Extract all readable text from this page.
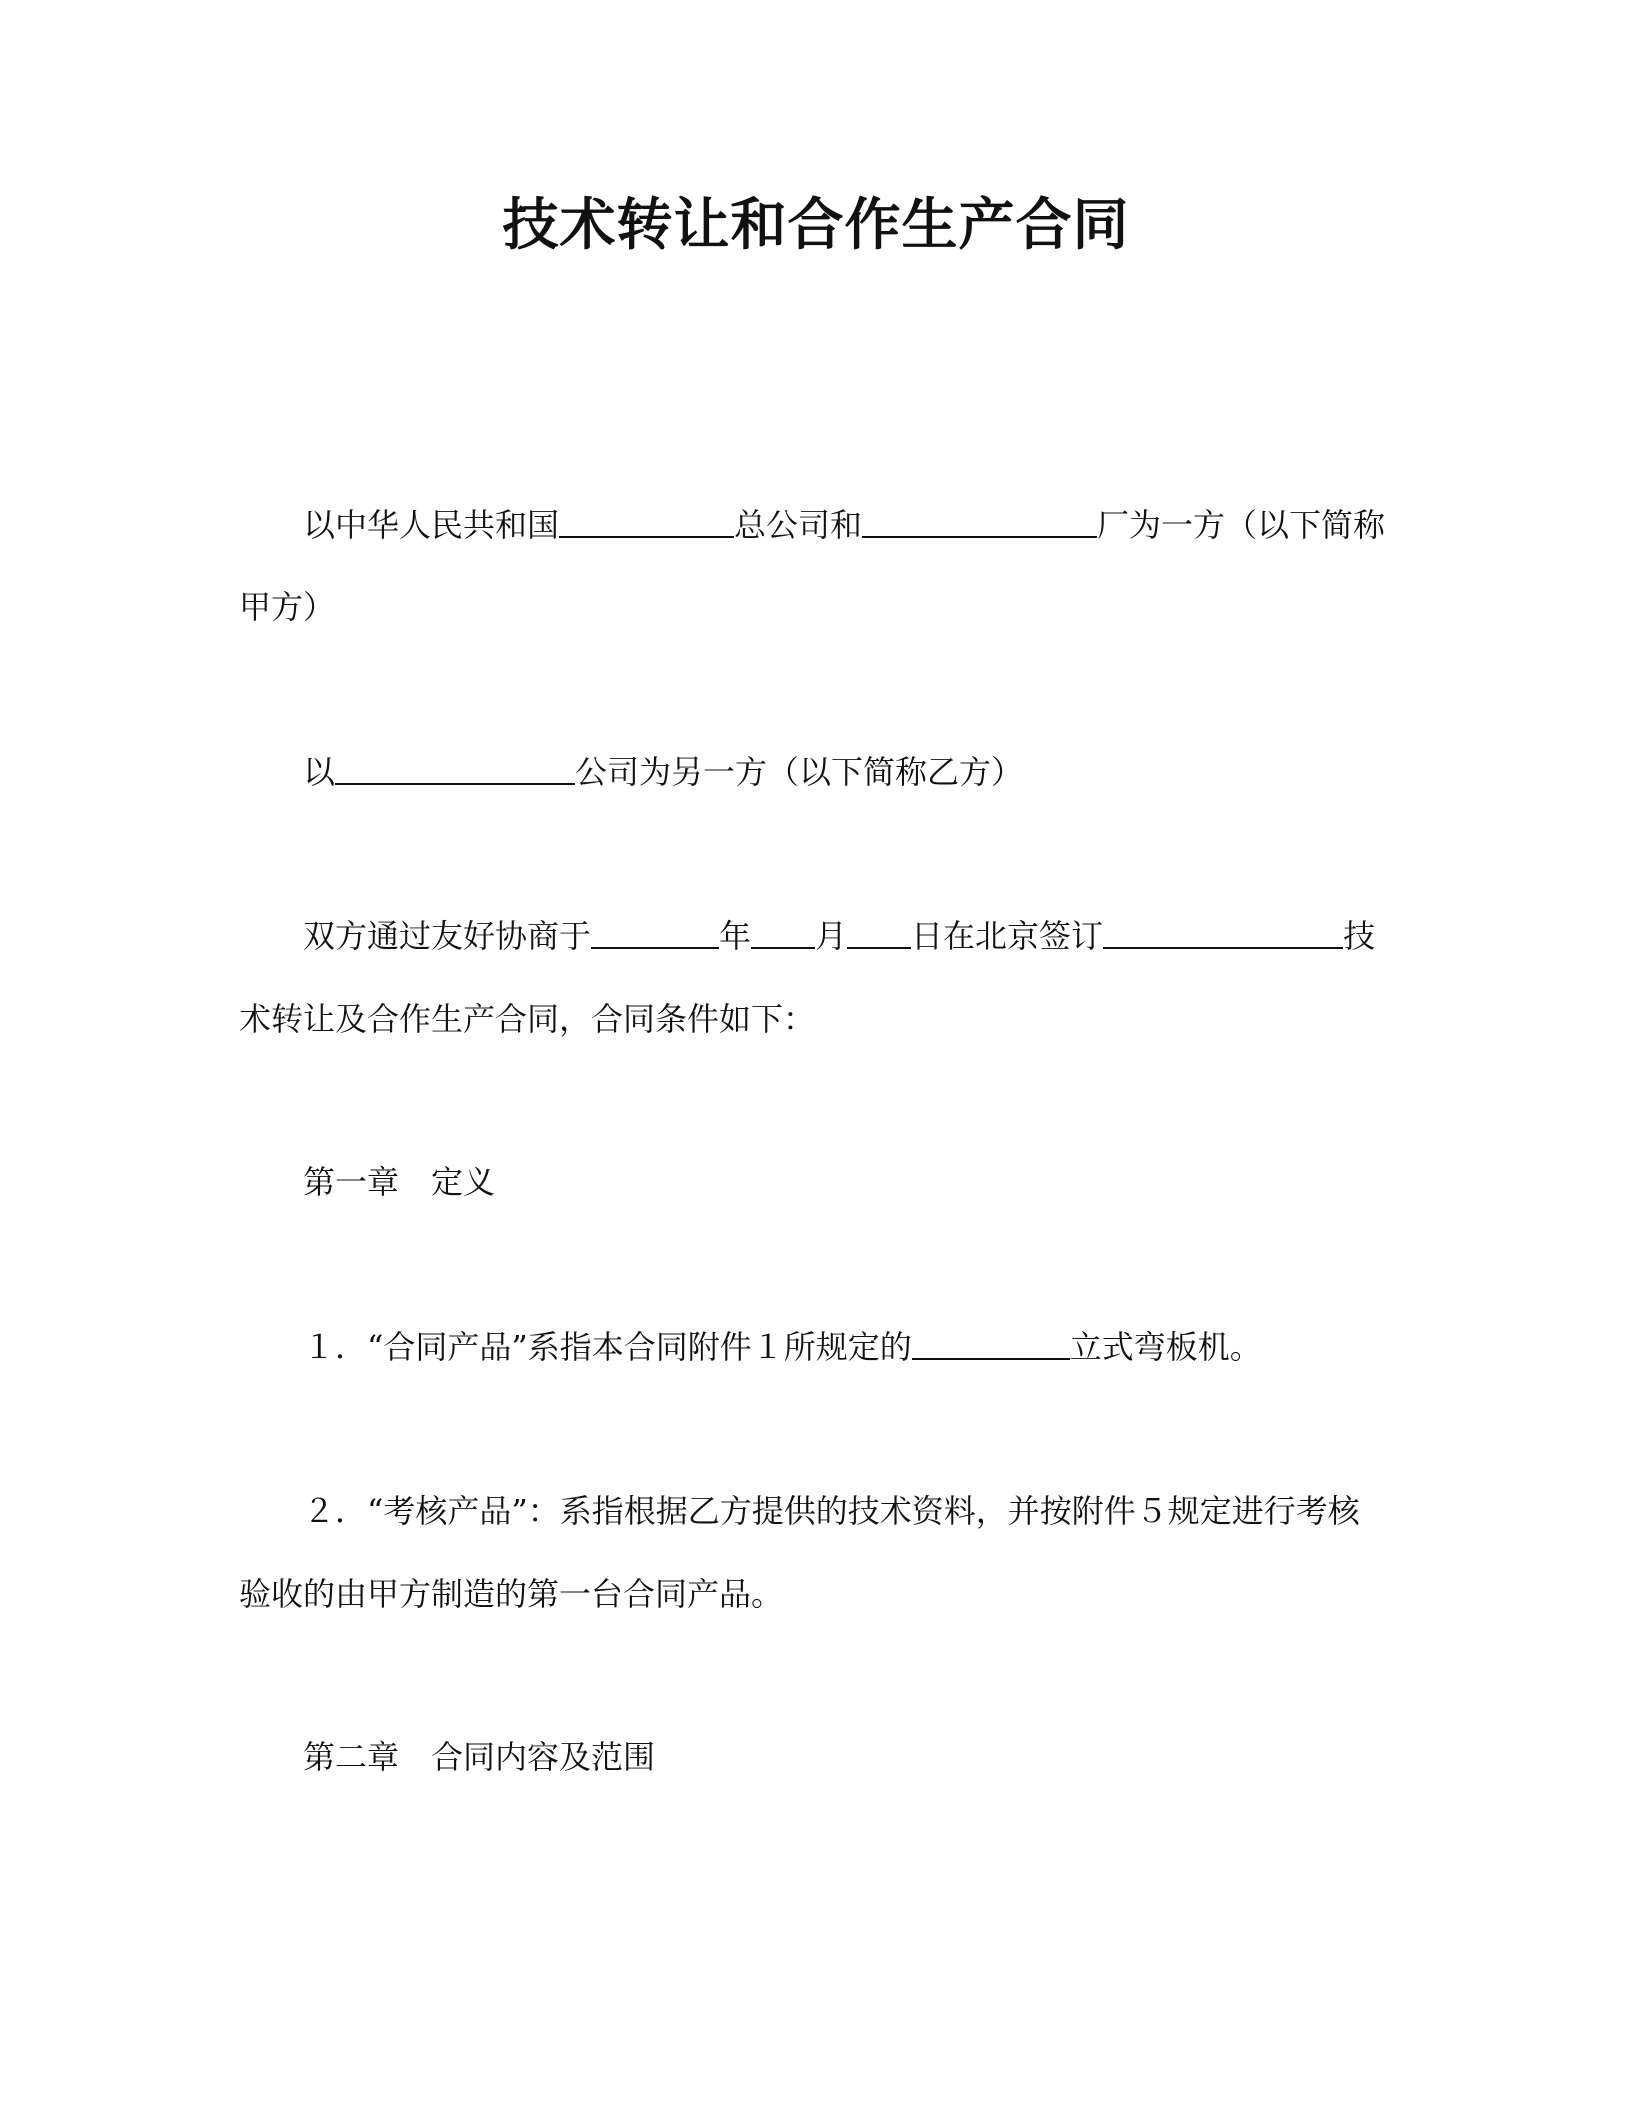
技术转让和合作生产合同
以中华人民共和国	总公司和	厂为一方（以下简称
甲方）
以	公司为另一方（以下简称乙方）
双方通过友好协商于	年 月 日在北京签订	技
术转让及合作生产合同，合同条件如下：
第一章　定义
１．“合同产品”系指本合同附件１所规定的	立式弯板机。
２．“考核产品”：系指根据乙方提供的技术资料，并按附件５规定进行考核
验收的由甲方制造的第一台合同产品。
第二章　合同内容及范围
